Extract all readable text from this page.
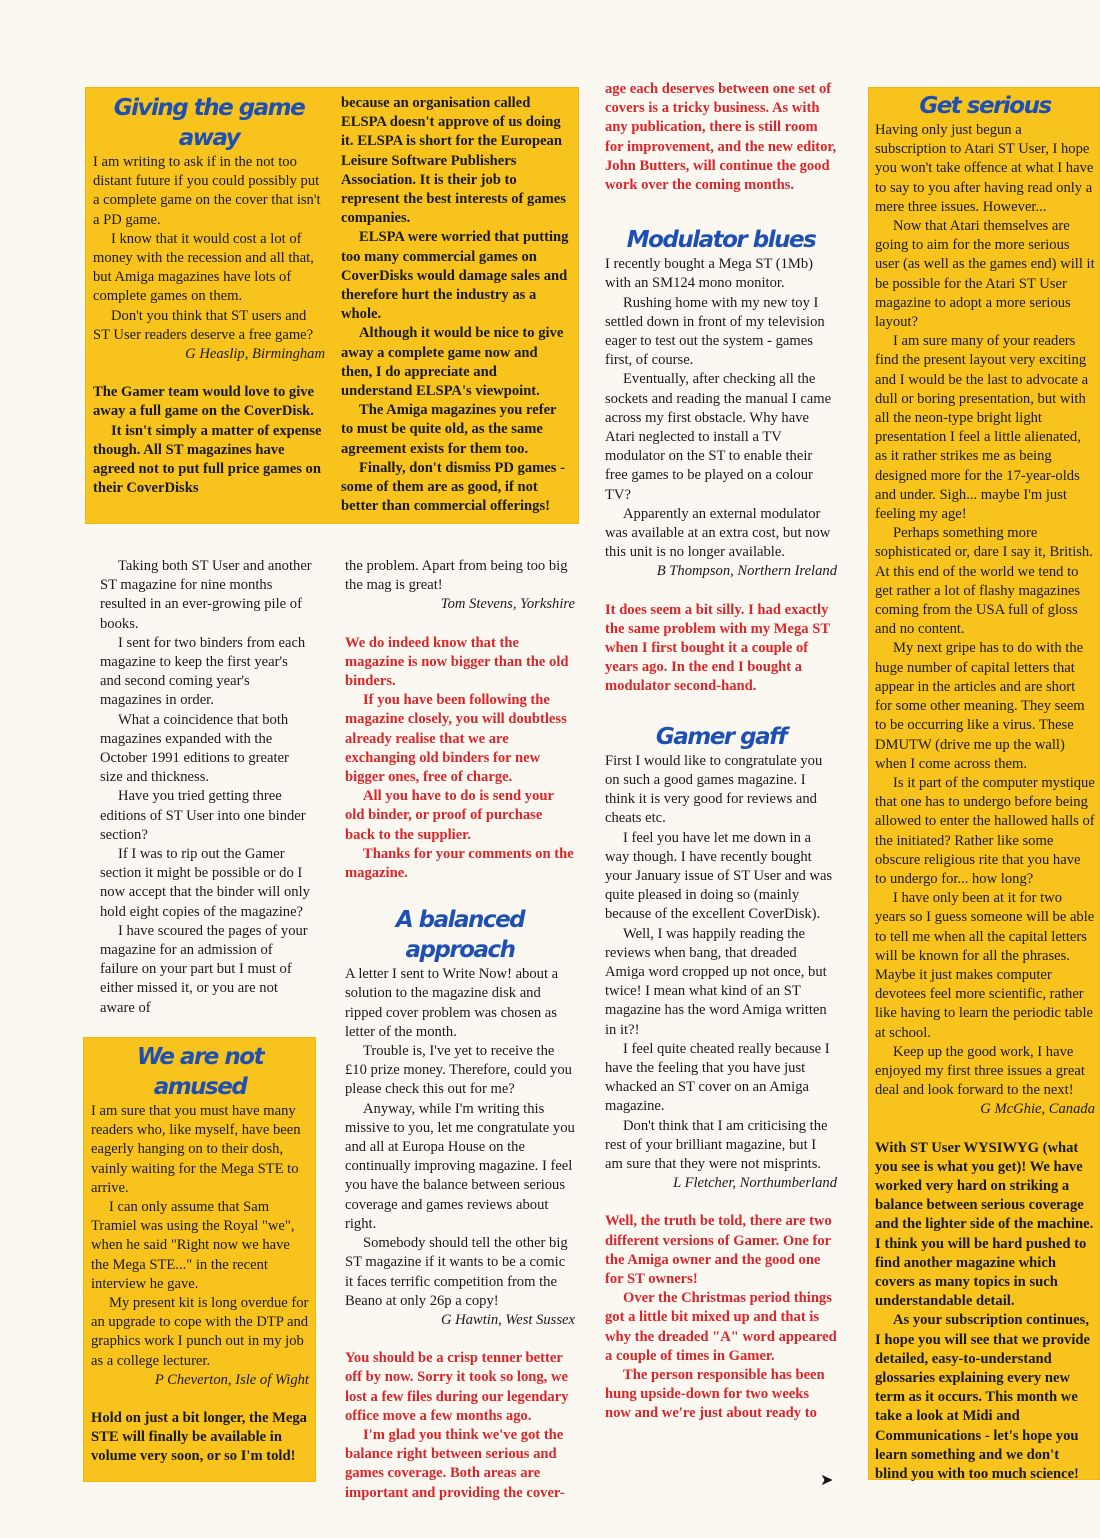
Giving the game away

I am writing to ask if in the not too distant future if you could possibly put a complete game on the cover that isn't a PD game.

I know that it would cost a lot of money with the recession and all that, but Amiga magazines have lots of complete games on them.

Don't you think that ST users and ST User readers deserve a free game?

G Heaslip, Birmingham

The Gamer team would love to give away a full game on the CoverDisk.

It isn't simply a matter of expense though. All ST magazines have agreed not to put full price games on their CoverDisks

because an organisation called ELSPA doesn't approve of us doing it. ELSPA is short for the European Leisure Software Publishers Association. It is their job to represent the best interests of games companies.

ELSPA were worried that putting too many commercial games on CoverDisks would damage sales and therefore hurt the industry as a whole.

Although it would be nice to give away a complete game now and then, I do appreciate and understand ELSPA's viewpoint.

The Amiga magazines you refer to must be quite old, as the same agreement exists for them too.

Finally, don't dismiss PD games - some of them are as good, if not better than commercial offerings!

Taking both ST User and another ST magazine for nine months resulted in an ever-growing pile of books.

I sent for two binders from each magazine to keep the first year's and second coming year's magazines in order.

What a coincidence that both magazines expanded with the October 1991 editions to greater size and thickness.

Have you tried getting three editions of ST User into one binder section?

If I was to rip out the Gamer section it might be possible or do I now accept that the binder will only hold eight copies of the magazine?

I have scoured the pages of your magazine for an admission of failure on your part but I must of either missed it, or you are not aware of

We are not amused

I am sure that you must have many readers who, like myself, have been eagerly hanging on to their dosh, vainly waiting for the Mega STE to arrive.

I can only assume that Sam Tramiel was using the Royal "we", when he said "Right now we have the Mega STE..." in the recent interview he gave.

My present kit is long overdue for an upgrade to cope with the DTP and graphics work I punch out in my job as a college lecturer.

P Cheverton, Isle of Wight

Hold on just a bit longer, the Mega STE will finally be available in volume very soon, or so I'm told!

the problem. Apart from being too big the mag is great!

Tom Stevens, Yorkshire

We do indeed know that the magazine is now bigger than the old binders.

If you have been following the magazine closely, you will doubtless already realise that we are exchanging old binders for new bigger ones, free of charge.

All you have to do is send your old binder, or proof of purchase back to the supplier.

Thanks for your comments on the magazine.

A balanced approach

A letter I sent to Write Now! about a solution to the magazine disk and ripped cover problem was chosen as letter of the month.

Trouble is, I've yet to receive the £10 prize money. Therefore, could you please check this out for me?

Anyway, while I'm writing this missive to you, let me congratulate you and all at Europa House on the continually improving magazine. I feel you have the balance between serious coverage and games reviews about right.

Somebody should tell the other big ST magazine if it wants to be a comic it faces terrific competition from the Beano at only 26p a copy!

G Hawtin, West Sussex

You should be a crisp tenner better off by now. Sorry it took so long, we lost a few files during our legendary office move a few months ago.

I'm glad you think we've got the balance right between serious and games coverage. Both areas are important and providing the cover-

age each deserves between one set of covers is a tricky business. As with any publication, there is still room for improvement, and the new editor, John Butters, will continue the good work over the coming months.

Modulator blues

I recently bought a Mega ST (1Mb) with an SM124 mono monitor.

Rushing home with my new toy I settled down in front of my television eager to test out the system - games first, of course.

Eventually, after checking all the sockets and reading the manual I came across my first obstacle. Why have Atari neglected to install a TV modulator on the ST to enable their free games to be played on a colour TV?

Apparently an external modulator was available at an extra cost, but now this unit is no longer available.

B Thompson, Northern Ireland

It does seem a bit silly. I had exactly the same problem with my Mega ST when I first bought it a couple of years ago. In the end I bought a modulator second-hand.

Gamer gaff

First I would like to congratulate you on such a good games magazine. I think it is very good for reviews and cheats etc.

I feel you have let me down in a way though. I have recently bought your January issue of ST User and was quite pleased in doing so (mainly because of the excellent CoverDisk).

Well, I was happily reading the reviews when bang, that dreaded Amiga word cropped up not once, but twice! I mean what kind of an ST magazine has the word Amiga written in it?!

I feel quite cheated really because I have the feeling that you have just whacked an ST cover on an Amiga magazine.

Don't think that I am criticising the rest of your brilliant magazine, but I am sure that they were not misprints.

L Fletcher, Northumberland

Well, the truth be told, there are two different versions of Gamer. One for the Amiga owner and the good one for ST owners!

Over the Christmas period things got a little bit mixed up and that is why the dreaded "A" word appeared a couple of times in Gamer.

The person responsible has been hung upside-down for two weeks now and we're just about ready to

➤
Get serious

Having only just begun a subscription to Atari ST User, I hope you won't take offence at what I have to say to you after having read only a mere three issues. However...

Now that Atari themselves are going to aim for the more serious user (as well as the games end) will it be possible for the Atari ST User magazine to adopt a more serious layout?

I am sure many of your readers find the present layout very exciting and I would be the last to advocate a dull or boring presentation, but with all the neon-type bright light presentation I feel a little alienated, as it rather strikes me as being designed more for the 17-year-olds and under. Sigh... maybe I'm just feeling my age!

Perhaps something more sophisticated or, dare I say it, British. At this end of the world we tend to get rather a lot of flashy magazines coming from the USA full of gloss and no content.

My next gripe has to do with the huge number of capital letters that appear in the articles and are short for some other meaning. They seem to be occurring like a virus. These DMUTW (drive me up the wall) when I come across them.

Is it part of the computer mystique that one has to undergo before being allowed to enter the hallowed halls of the initiated? Rather like some obscure religious rite that you have to undergo for... how long?

I have only been at it for two years so I guess someone will be able to tell me when all the capital letters will be known for all the phrases. Maybe it just makes computer devotees feel more scientific, rather like having to learn the periodic table at school.

Keep up the good work, I have enjoyed my first three issues a great deal and look forward to the next!

G McGhie, Canada

With ST User WYSIWYG (what you see is what you get)! We have worked very hard on striking a balance between serious coverage and the lighter side of the machine. I think you will be hard pushed to find another magazine which covers as many topics in such understandable detail.

As your subscription continues, I hope you will see that we provide detailed, easy-to-understand glossaries explaining every new term as it occurs. This month we take a look at Midi and Communications - let's hope you learn something and we don't blind you with too much science!
